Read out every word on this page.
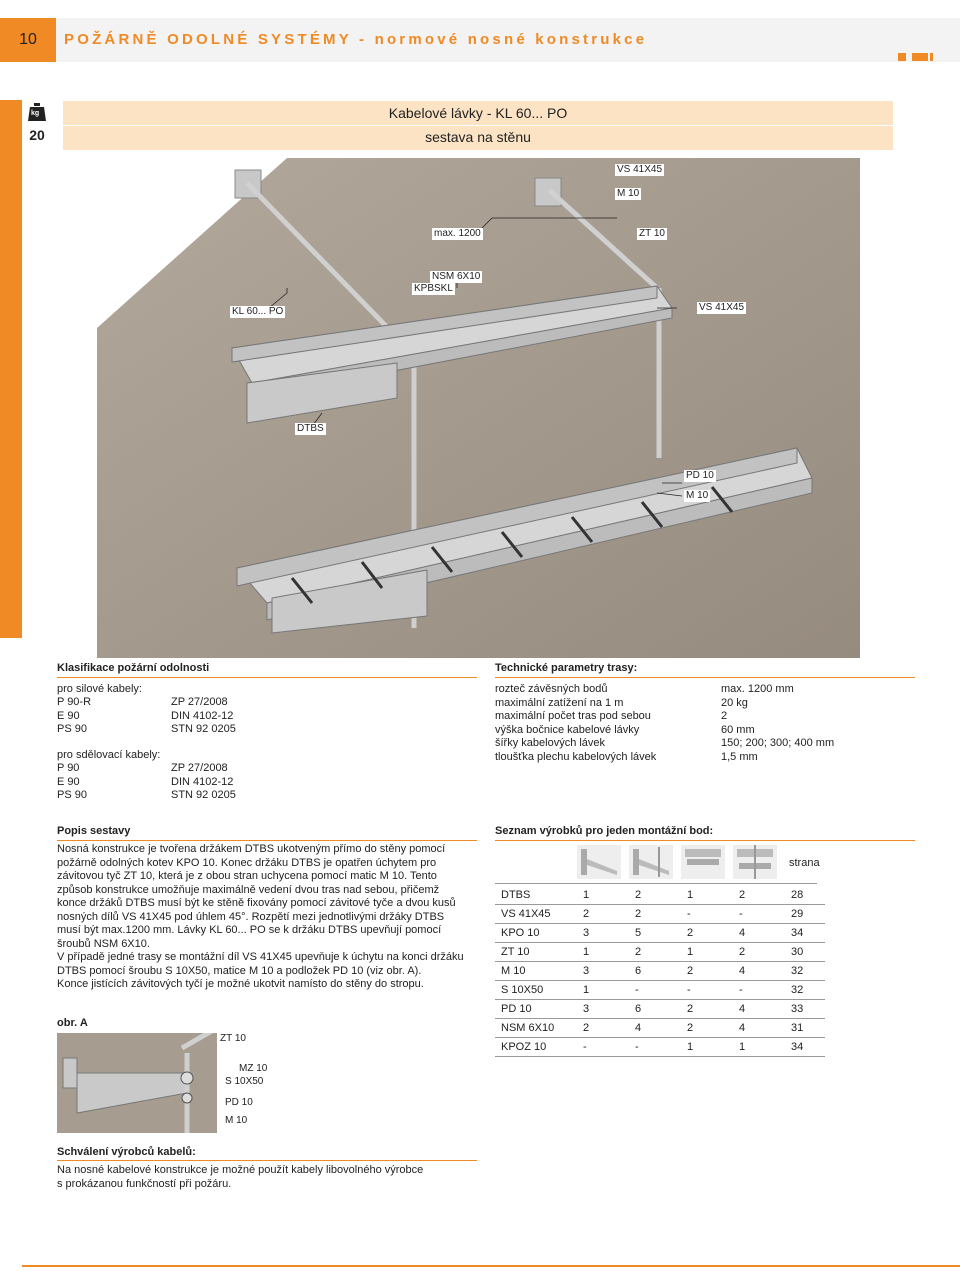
10	POŽÁRNĚ ODOLNÉ SYSTÉMY - normové nosné konstrukce
kg
20
Kabelové lávky - KL 60... PO
sestava na stěnu
VS 41X45
M 10
max. 1200	ZT 10
NSM 6X10
KPBSKL
KL 60... PO	VS 41X45
DTBS
PD 10
M 10
Klasifikace požární odolnosti
pro silové kabely:
P 90-R	ZP 27/2008
E 90	DIN 4102-12
PS 90	STN 92 0205
pro sdělovací kabely:
P 90	ZP 27/2008
E 90	DIN 4102-12
PS 90	STN 92 0205
Technické parametry trasy:
rozteč závěsných bodů	max. 1200 mm
maximální zatížení na 1 m	20 kg
maximální počet tras pod sebou	2
výška bočnice kabelové lávky	60 mm
šířky kabelových lávek	150; 200; 300; 400 mm
tloušťka plechu kabelových lávek	1,5 mm
Popis sestavy
Nosná konstrukce je tvořena držákem DTBS ukotveným přímo do stěny pomocí
požárně odolných kotev KPO 10. Konec držáku DTBS je opatřen úchytem pro
závitovou tyč ZT 10, která je z obou stran uchycena pomocí matic M 10. Tento
způsob konstrukce umožňuje maximálně vedení dvou tras nad sebou, přičemž
konce držáků DTBS musí být ke stěně fixovány pomocí závitové tyče a dvou kusů
nosných dílů VS 41X45 pod úhlem 45°. Rozpětí mezi jednotlivými držáky DTBS
musí být max.1200 mm. Lávky KL 60... PO se k držáku DTBS upevňují pomocí
šroubů NSM 6X10.
V případě jedné trasy se montážní díl VS 41X45 upevňuje k úchytu na konci držáku
DTBS pomocí šroubu S 10X50, matice M 10 a podložek PD 10 (viz obr. A).
Konce jistících závitových tyčí je možné ukotvit namísto do stěny do stropu.
obr. A
ZT 10
MZ 10
S 10X50
PD 10
M 10
Schválení výrobců kabelů:
Na nosné kabelové konstrukce je možné použít kabely libovolného výrobce
s prokázanou funkčností při požáru.
Seznam výrobků pro jeden montážní bod:
strana
DTBS	1	2	1	2	28
VS 41X45	2	2	-	-	29
KPO 10	3	5	2	4	34
ZT 10	1	2	1	2	30
M 10	3	6	2	4	32
S 10X50	1	-	-	-	32
PD 10	3	6	2	4	33
NSM 6X10	2	4	2	4	31
KPOZ 10	-	-	1	1	34
